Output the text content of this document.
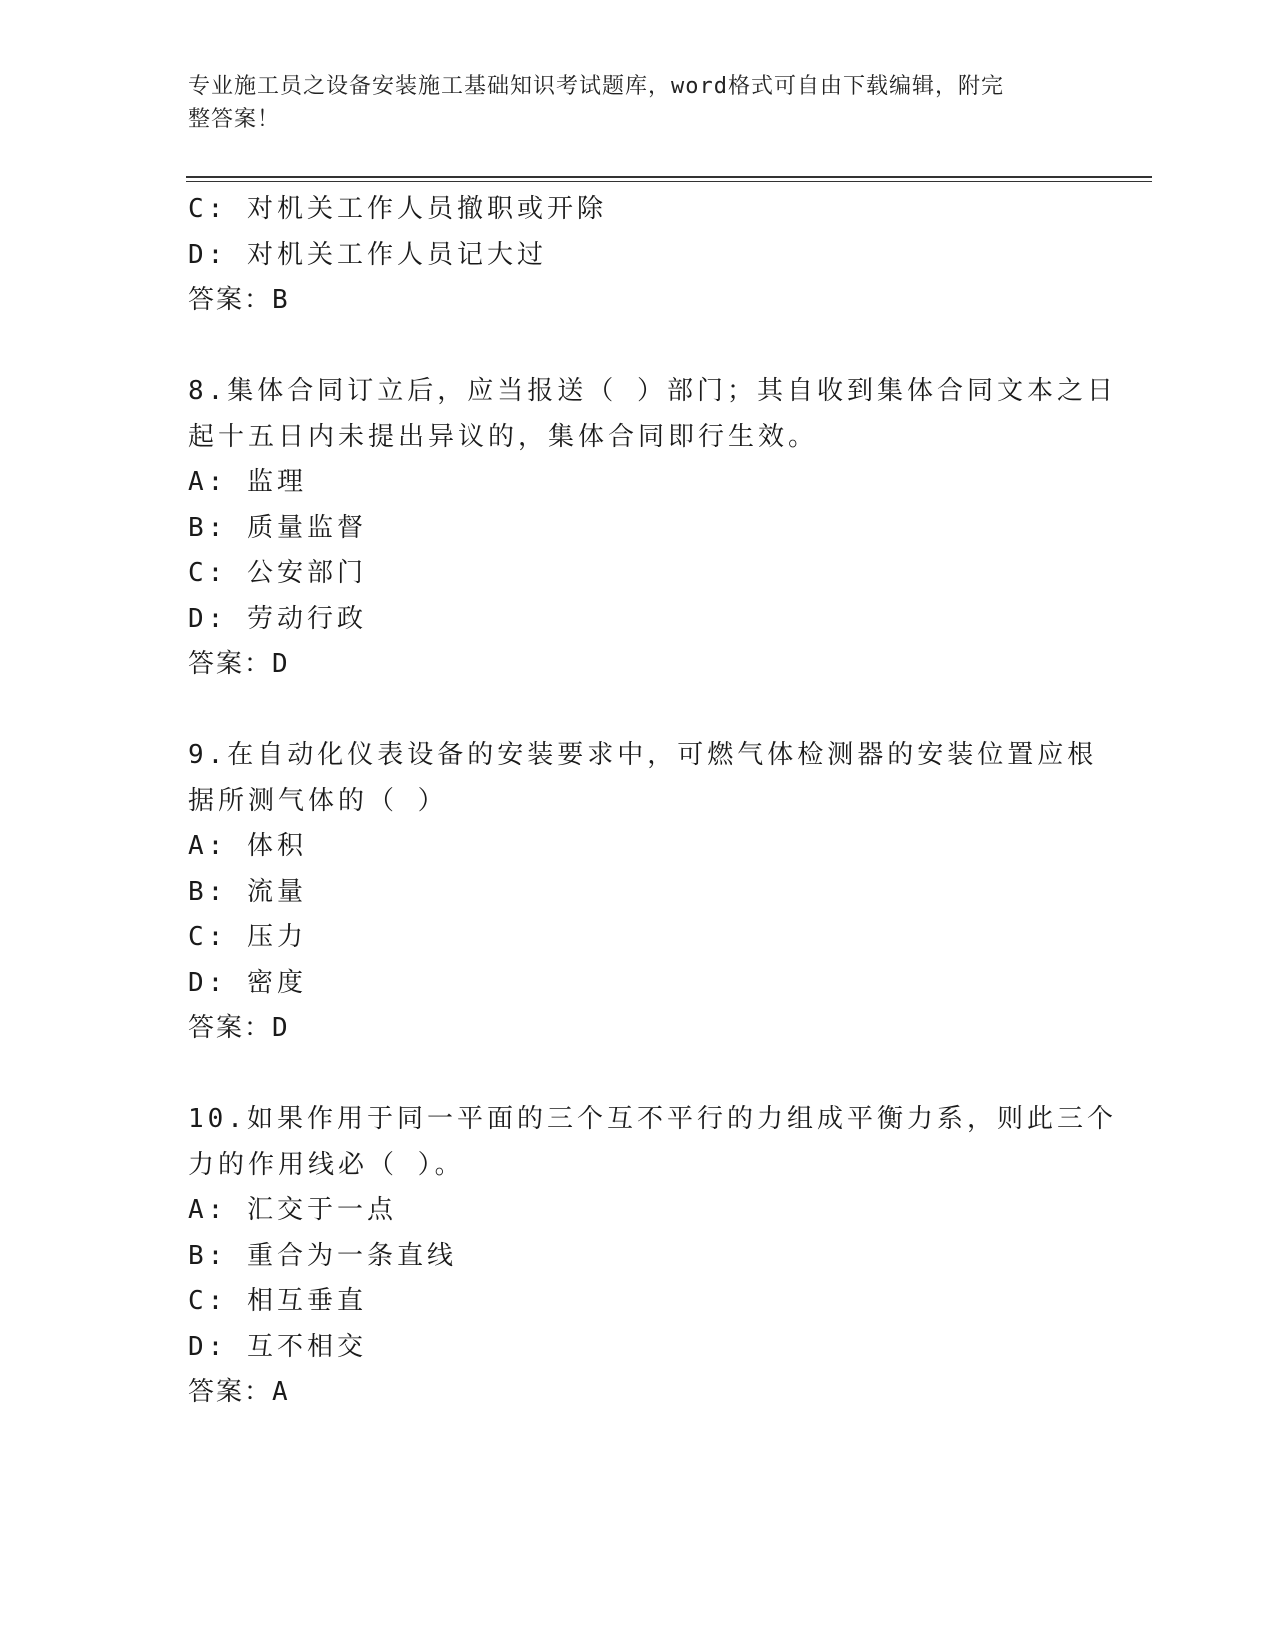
专业施工员之设备安装施工基础知识考试题库，word格式可自由下载编辑，附完
整答案！
C: 对机关工作人员撤职或开除
D: 对机关工作人员记大过
答案：B
8.集体合同订立后，应当报送（ ）部门；其自收到集体合同文本之日
起十五日内未提出异议的，集体合同即行生效。
A: 监理
B: 质量监督
C: 公安部门
D: 劳动行政
答案：D
9.在自动化仪表设备的安装要求中，可燃气体检测器的安装位置应根
据所测气体的（ ）
A: 体积
B: 流量
C: 压力
D: 密度
答案：D
10.如果作用于同一平面的三个互不平行的力组成平衡力系，则此三个
力的作用线必（ ）。
A: 汇交于一点
B: 重合为一条直线
C: 相互垂直
D: 互不相交
答案：A
